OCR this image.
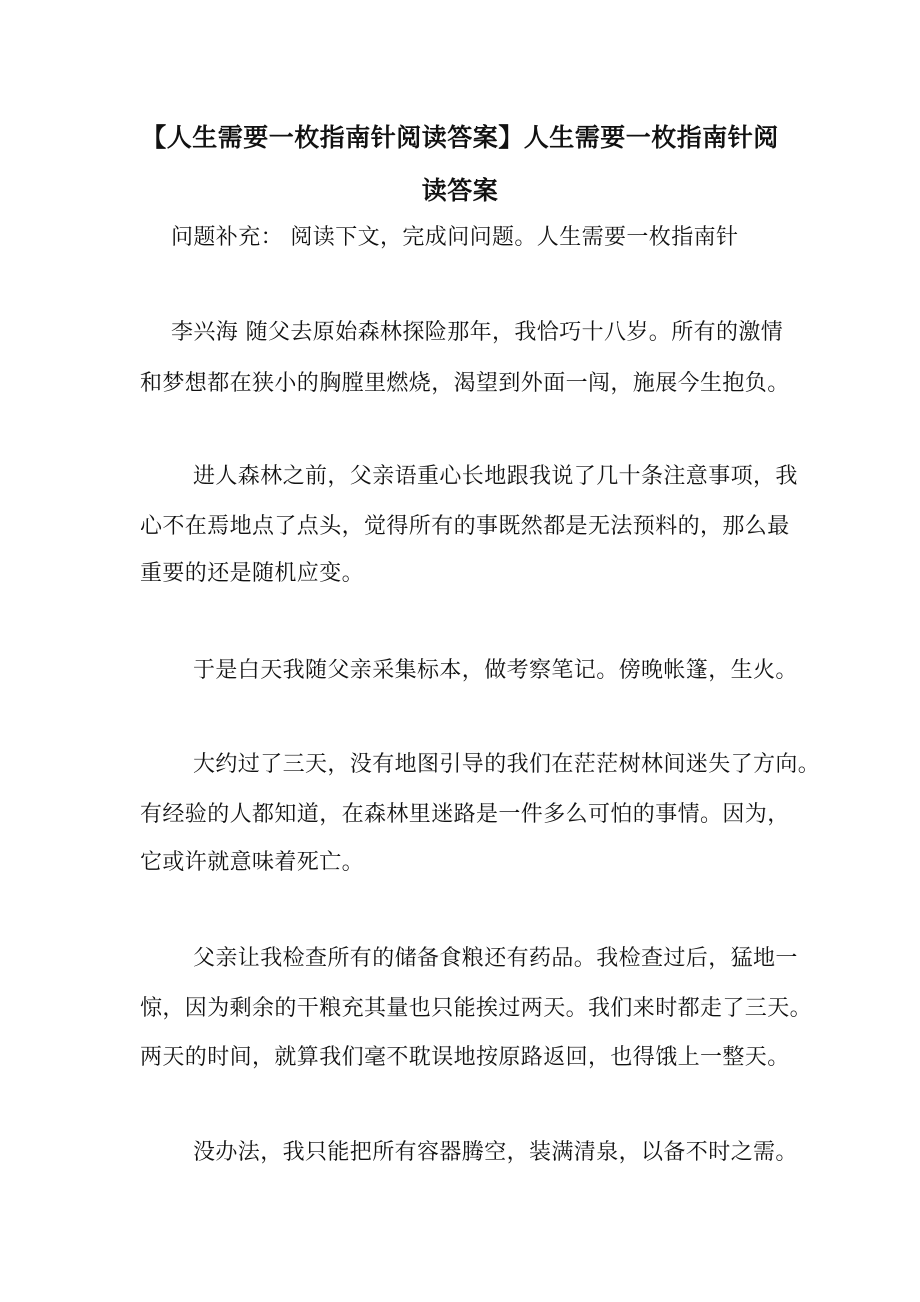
【人生需要一枚指南针阅读答案】人生需要一枚指南针阅
读答案
问题补充： 阅读下文，完成问问题。人生需要一枚指南针
李兴海 随父去原始森林探险那年，我恰巧十八岁。所有的激情
和梦想都在狭小的胸膛里燃烧，渴望到外面一闯，施展今生抱负。
进人森林之前，父亲语重心长地跟我说了几十条注意事项，我
心不在焉地点了点头，觉得所有的事既然都是无法预料的，那么最
重要的还是随机应变。
于是白天我随父亲采集标本，做考察笔记。傍晚帐篷，生火。
大约过了三天，没有地图引导的我们在茫茫树林间迷失了方向。
有经验的人都知道，在森林里迷路是一件多么可怕的事情。因为，
它或许就意味着死亡。
父亲让我检查所有的储备食粮还有药品。我检查过后，猛地一
惊，因为剩余的干粮充其量也只能挨过两天。我们来时都走了三天。
两天的时间，就算我们毫不耽误地按原路返回，也得饿上一整天。
没办法，我只能把所有容器腾空，装满清泉，以备不时之需。
